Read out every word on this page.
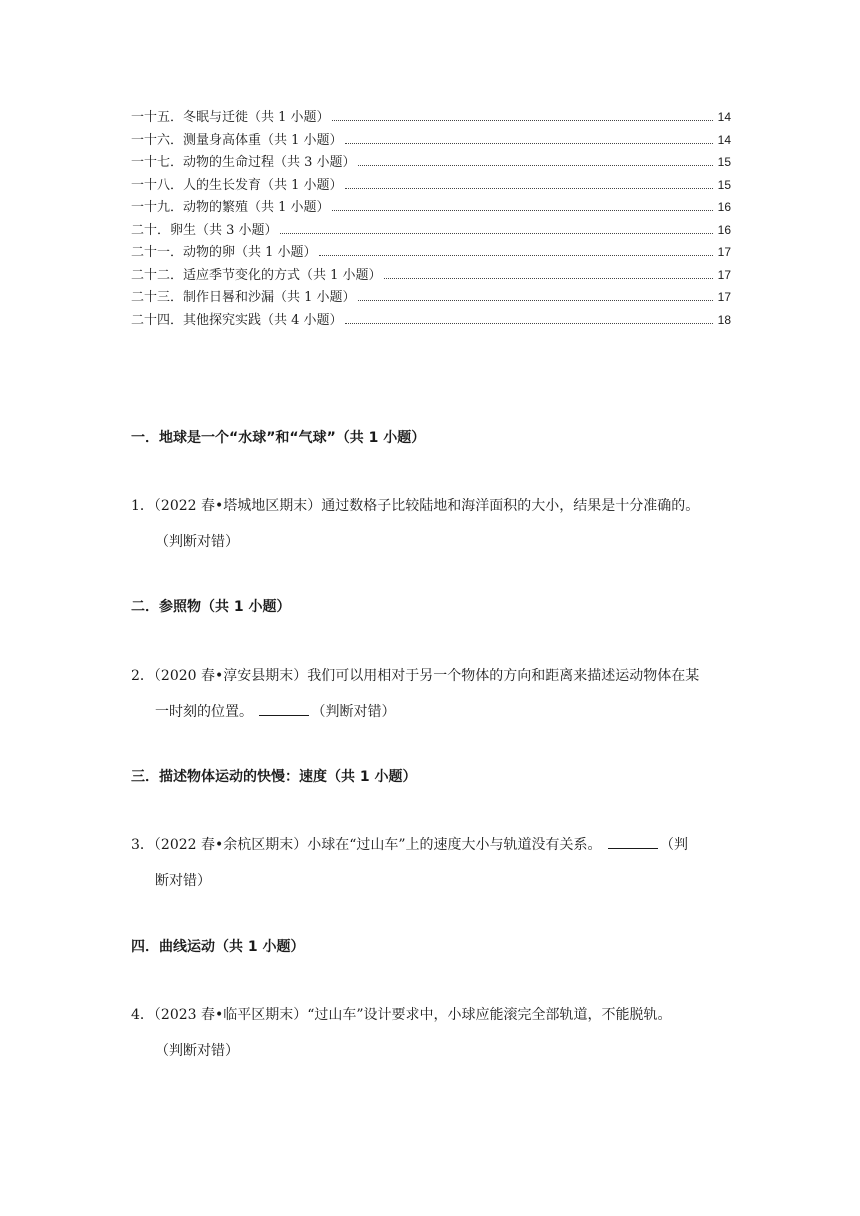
一十五．冬眠与迁徙（共 1 小题）	14
一十六．测量身高体重（共 1 小题）	14
一十七．动物的生命过程（共 3 小题）	15
一十八．人的生长发育（共 1 小题）	15
一十九．动物的繁殖（共 1 小题）	16
二十．卵生（共 3 小题）	16
二十一．动物的卵（共 1 小题）	17
二十二．适应季节变化的方式（共 1 小题）	17
二十三．制作日晷和沙漏（共 1 小题）	17
二十四．其他探究实践（共 4 小题）	18
一．地球是一个“水球”和“气球”（共 1 小题）
1．（2022 春•塔城地区期末）通过数格子比较陆地和海洋面积的大小，结果是十分准确的。
（判断对错）
二．参照物（共 1 小题）
2．（2020 春•淳安县期末）我们可以用相对于另一个物体的方向和距离来描述运动物体在某
一时刻的位置。	（判断对错）
三．描述物体运动的快慢：速度（共 1 小题）
3．（2022 春•余杭区期末）小球在“过山车”上的速度大小与轨道没有关系。	（判
断对错）
四．曲线运动（共 1 小题）
4．（2023 春•临平区期末）“过山车”设计要求中，小球应能滚完全部轨道，不能脱轨。
（判断对错）
